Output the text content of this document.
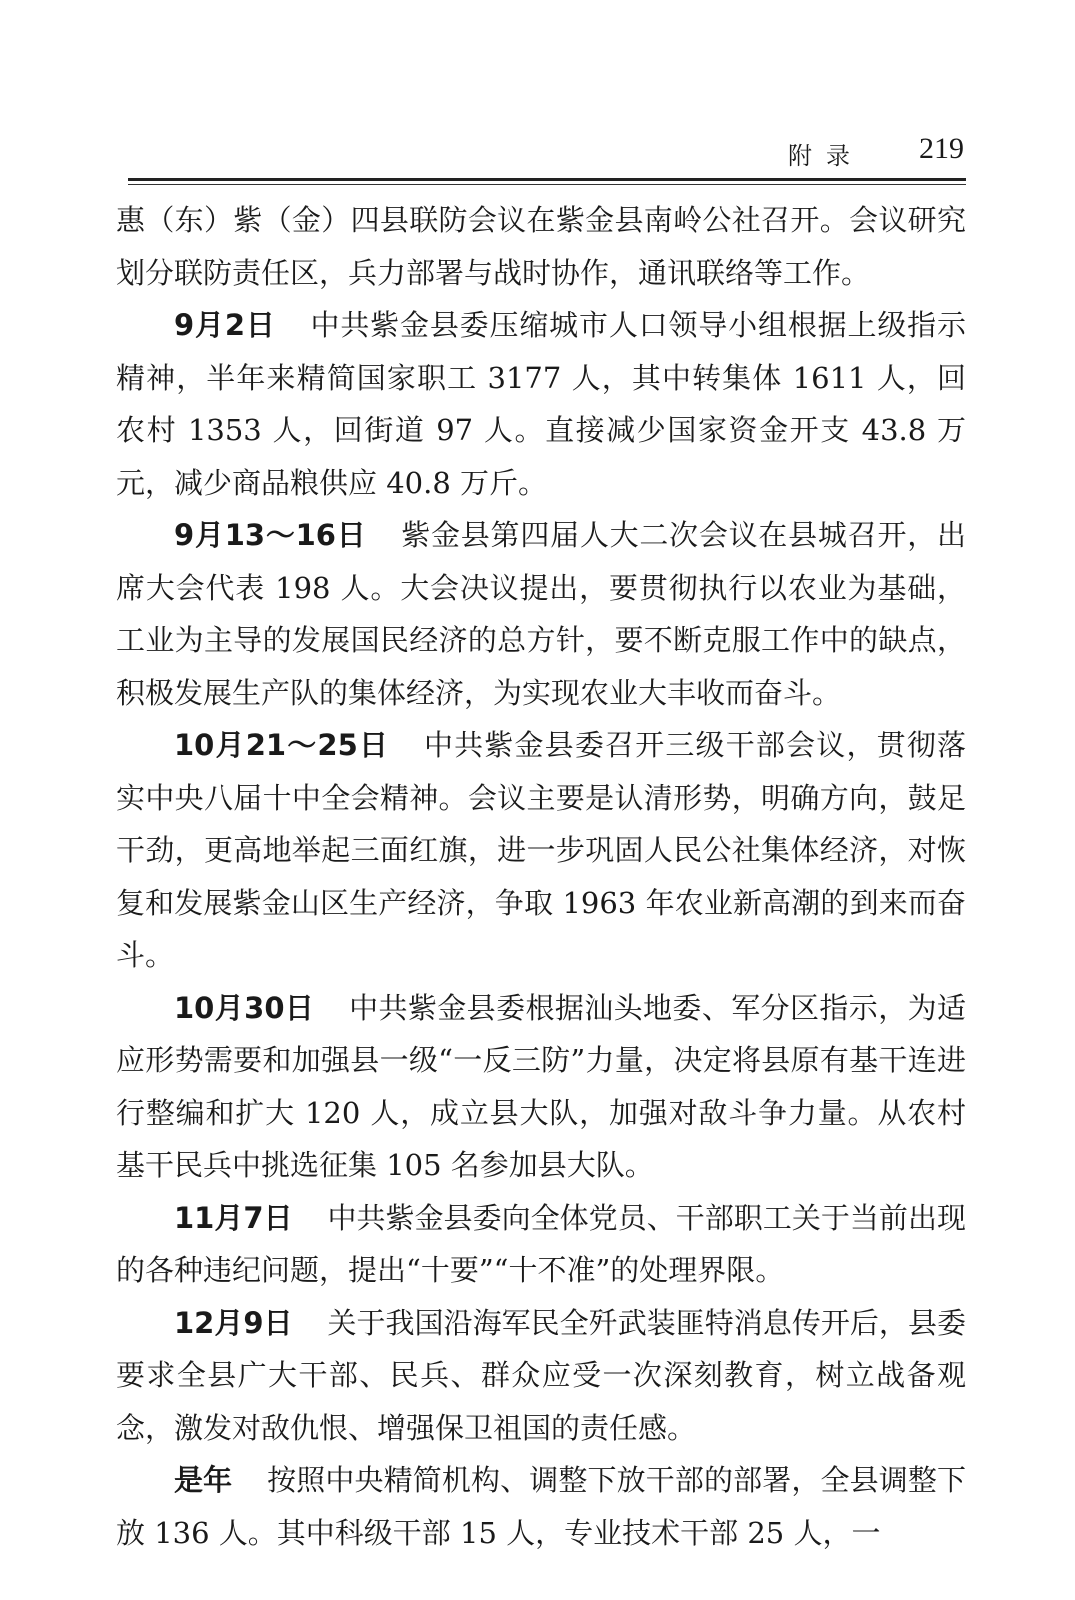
附录 219

惠（东）紫（金）四县联防会议在紫金县南岭公社召开。会议研究划分联防责任区，兵力部署与战时协作，通讯联络等工作。

9月2日 中共紫金县委压缩城市人口领导小组根据上级指示精神，半年来精简国家职工 3177 人，其中转集体 1611 人，回农村 1353 人，回街道 97 人。直接减少国家资金开支 43.8 万元，减少商品粮供应 40.8 万斤。

9月13～16日 紫金县第四届人大二次会议在县城召开，出席大会代表 198 人。大会决议提出，要贯彻执行以农业为基础，工业为主导的发展国民经济的总方针，要不断克服工作中的缺点，积极发展生产队的集体经济，为实现农业大丰收而奋斗。

10月21～25日 中共紫金县委召开三级干部会议，贯彻落实中央八届十中全会精神。会议主要是认清形势，明确方向，鼓足干劲，更高地举起三面红旗，进一步巩固人民公社集体经济，对恢复和发展紫金山区生产经济，争取 1963 年农业新高潮的到来而奋斗。

10月30日 中共紫金县委根据汕头地委、军分区指示，为适应形势需要和加强县一级“一反三防”力量，决定将县原有基干连进行整编和扩大 120 人，成立县大队，加强对敌斗争力量。从农村基干民兵中挑选征集 105 名参加县大队。

11月7日 中共紫金县委向全体党员、干部职工关于当前出现的各种违纪问题，提出“十要”“十不准”的处理界限。

12月9日 关于我国沿海军民全歼武装匪特消息传开后，县委要求全县广大干部、民兵、群众应受一次深刻教育，树立战备观念，激发对敌仇恨、增强保卫祖国的责任感。

是年 按照中央精简机构、调整下放干部的部署，全县调整下放 136 人。其中科级干部 15 人，专业技术干部 25 人，一
